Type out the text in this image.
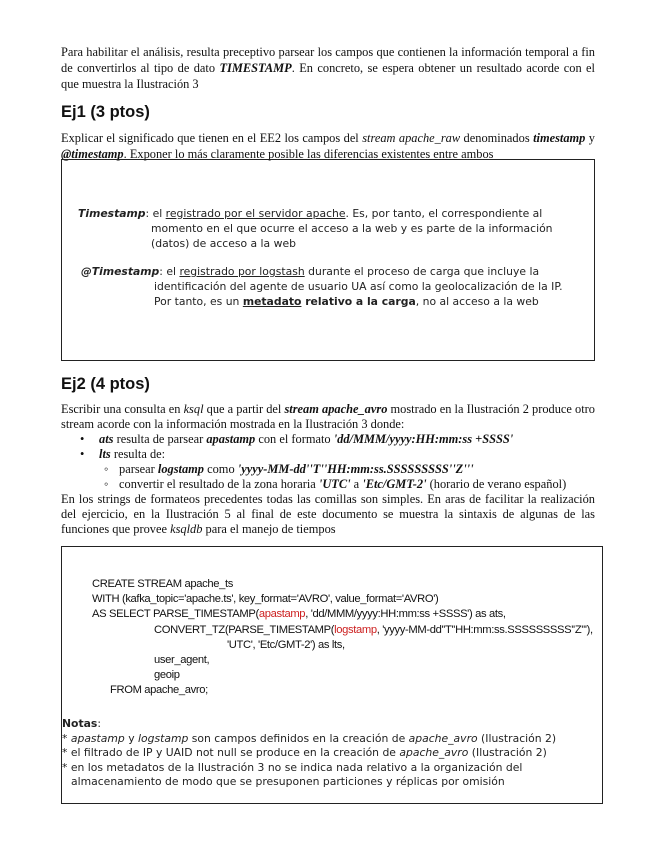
Para habilitar el análisis, resulta preceptivo parsear los campos que contienen la información temporal a fin de convertirlos al tipo de dato TIMESTAMP. En concreto, se espera obtener un resultado acorde con el que muestra la Ilustración 3

Ej1 (3 ptos)

Explicar el significado que tienen en el EE2 los campos del stream apache_raw denominados timestamp y @timestamp. Exponer lo más claramente posible las diferencias existentes entre ambos

Timestamp: el registrado por el servidor apache. Es, por tanto, el correspondiente al
momento en el que ocurre el acceso a la web y es parte de la información
(datos) de acceso a la web
@Timestamp: el registrado por logstash durante el proceso de carga que incluye la
identificación del agente de usuario UA así como la geolocalización de la IP.
Por tanto, es un metadato relativo a la carga, no al acceso a la web
Ej2 (4 ptos)

Escribir una consulta en ksql que a partir del stream apache_avro mostrado en la Ilustración 2 produce otro stream acorde con la información mostrada en la Ilustración 3 donde:

• ats resulta de parsear apastamp con el formato 'dd/MMM/yyyy:HH:mm:ss +SSSS'
• lts resulta de:
◦ parsear logstamp como 'yyyy-MM-dd''T''HH:mm:ss.SSSSSSSSS''Z'''
◦ convertir el resultado de la zona horaria 'UTC' a 'Etc/GMT-2' (horario de verano español)

En los strings de formateos precedentes todas las comillas son simples. En aras de facilitar la realización del ejercicio, en la Ilustración 5 al final de este documento se muestra la sintaxis de algunas de las funciones que provee ksqldb para el manejo de tiempos

CREATE STREAM apache_ts
WITH (kafka_topic='apache.ts', key_format='AVRO', value_format='AVRO')
AS SELECT PARSE_TIMESTAMP(apastamp, 'dd/MMM/yyyy:HH:mm:ss +SSSS') as ats,
CONVERT_TZ(PARSE_TIMESTAMP(logstamp, 'yyyy-MM-dd''T''HH:mm:ss.SSSSSSSSS''Z'''),
'UTC', 'Etc/GMT-2') as lts,
user_agent,
geoip
FROM apache_avro;
Notas:
* apastamp y logstamp son campos definidos en la creación de apache_avro (Ilustración 2)
* el filtrado de IP y UAID not null se produce en la creación de apache_avro (Ilustración 2)
* en los metadatos de la Ilustración 3 no se indica nada relativo a la organización del
almacenamiento de modo que se presuponen particiones y réplicas por omisión
